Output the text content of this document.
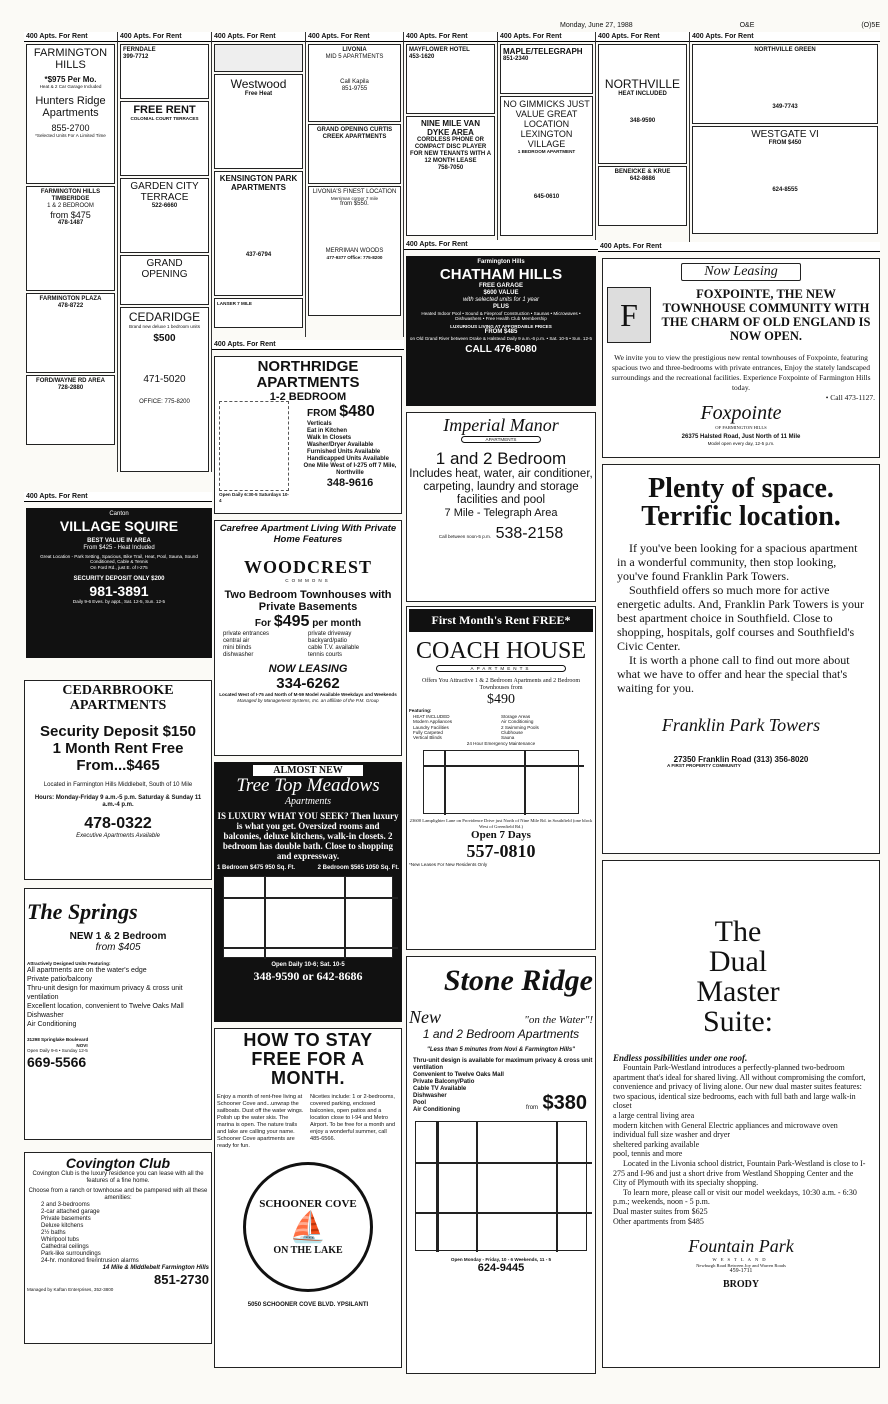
Monday, June 27, 1988	O&E	(O)5E
400 Apts. For Rent
FARMINGTON HILLS
*$975 Per Mo.
Heat & 2 Car Garage Included
Hunters Ridge Apartments
855-2700
*Selected Units For A Limited Time
FARMINGTON HILLS TIMBERIDGE
1 & 2 BEDROOM
from $475
478-1487
FARMINGTON PLAZA
478-8722
FORD/WAYNE RD AREA
728-2880
400 Apts. For Rent
FERNDALE
399-7712
FREE RENT
COLONIAL COURT TERRACES
GARDEN CITY TERRACE
522-6660
GRAND OPENING
CEDARIDGE
Brand new deluxe 1 bedroom units
$500
471-5020
OFFICE: 775-8200
400 Apts. For Rent
Westwood
Free Heat
KENSINGTON PARK APARTMENTS
437-6794
LANSER 7 MILE
400 Apts. For Rent
LIVONIA
MID 5 APARTMENTS
Call Kapila
851-9755
GRAND OPENING CURTIS CREEK APARTMENTS
LIVONIA'S FINEST LOCATION
Merriman corner 7 mile
from $550.
MERRIMAN WOODS
477-9377 Office: 775-8200
400 Apts. For Rent
MAYFLOWER HOTEL
453-1620
NINE MILE VAN DYKE AREA
CORDLESS PHONE OR COMPACT DISC PLAYER FOR NEW TENANTS WITH A 12 MONTH LEASE
758-7050
400 Apts. For Rent
MAPLE/TELEGRAPH
851-2340
NO GIMMICKS JUST VALUE GREAT LOCATION LEXINGTON VILLAGE
1 BEDROOM APARTMENT
645-0610
400 Apts. For Rent
NORTHVILLE
HEAT INCLUDED
348-9590
BENEICKE & KRUE
642-8686
400 Apts. For Rent
NORTHVILLE GREEN
349-7743
WESTGATE VI
FROM $450
624-8555
400 Apts. For Rent
400 Apts. For Rent	400 Apts. For Rent
400 Apts. For Rent
Canton
VILLAGE SQUIRE
BEST VALUE IN AREA
From $425 - Heat Included
Great Location - Park Setting, Spacious, Bike Trail, Heat, Pool, Sauna, Sound Conditioned, Cable & Tennis
On Ford Rd., just E. of I-275
SECURITY DEPOSIT ONLY $200
981-3891
Daily 9-6 Eves. by appt., Sat. 12-5, Sun. 12-5
CEDARBROOKE APARTMENTS
Security Deposit $150
1 Month Rent Free
From...$465
Located in Farmington Hills Middlebelt, South of 10 Mile
Hours: Monday-Friday 9 a.m.-5 p.m. Saturday & Sunday 11 a.m.-4 p.m.
478-0322
Executive Apartments Available
The Springs
NEW 1 & 2 Bedroom
from $405
Attractively Designed Units Featuring:
All apartments are on the water's edge
Private patio/balcony
Thru-unit design for maximum privacy & cross unit ventilation
Excellent location, convenient to Twelve Oaks Mall
Dishwasher
Air Conditioning
31298 Springlake Boulevard
NOVI
Open Daily 9-6 • Sunday 12-5
669-5566
Covington Club
Covington Club is the luxury residence you can lease with all the features of a fine home.
Choose from a ranch or townhouse and be pampered with all these amenities:
2 and 3-bedrooms
2-car attached garage
Private basements
Deluxe kitchens
2½ baths
Whirlpool tubs
Cathedral ceilings
Park-like surroundings
24-hr. monitored fire/intrusion alarms
14 Mile & Middlebelt Farmington Hills
851-2730
Managed by Kaftan Enterprises, 352-3800
NORTHRIDGE APARTMENTS
1-2 BEDROOM
FROM $480
Verticals
Eat in Kitchen
Walk In Closets
Washer/Dryer Available
Furnished Units Available
Handicapped Units Available
Open Daily 6:30-5 Saturdays 10-4
One Mile West of I-275 off 7 Mile, Northville
348-9616
Carefree Apartment Living With Private Home Features
WOODCREST
COMMONS
Two Bedroom Townhouses with Private Basements
For $495 per month
private entrances
central air
mini blinds
dishwasher
private driveway
backyard/patio
cable T.V. available
tennis courts
NOW LEASING
334-6262
Located West of I-75 and North of M-59 Model Available Weekdays and Weekends
Managed by Management Systems, Inc. an affiliate of the P.M. Group
ALMOST NEW
Tree Top Meadows
Apartments
IS LUXURY WHAT YOU SEEK? Then luxury is what you get. Oversized rooms and balconies, deluxe kitchens, walk-in closets. 2 bedroom has double bath. Close to shopping and expressway.
1 Bedroom $475 950 Sq. Ft.	2 Bedroom $565 1050 Sq. Ft.
Open Daily 10-6; Sat. 10-5
348-9590 or 642-8686
HOW TO STAY FREE FOR A MONTH.
Enjoy a month of rent-free living at Schooner Cove and...unwrap the sailboats. Dust off the water wings. Polish up the water skis. The marina is open. The nature trails and lake are calling your name. Schooner Cove apartments are ready for fun.
Niceties include: 1 or 2-bedrooms, covered parking, enclosed balconies, open patios and a location close to I-94 and Metro Airport. To be free for a month and enjoy a wonderful summer, call 485-6566.
SCHOONER COVE
⛵
ON THE LAKE
5050 SCHOONER COVE BLVD. YPSILANTI
Farmington Hills
CHATHAM HILLS
FREE GARAGE
$600 VALUE
with selected units for 1 year
PLUS
Heated Indoor Pool • Sound & Fireproof Construction • Saunas • Microwaves • Dishwashers • Free Health Club Membership
LUXURIOUS LIVING AT AFFORDABLE PRICES
FROM $485
on Old Grand River between Drake & Halstead Daily 9 a.m.-6 p.m. • Sat. 10-5 • Sun. 12-5
CALL 476-8080
Imperial Manor
APARTMENTS
1 and 2 Bedroom
Includes heat, water, air conditioner, carpeting, laundry and storage facilities and pool
7 Mile - Telegraph Area
Call between noon-5 p.m. 538-2158
First Month's Rent FREE*
COACH HOUSE
APARTMENTS
Offers You Attractive 1 & 2 Bedroom Apartments and 2 Bedroom Townhouses from
$490
Featuring:
HEAT INCLUDED
Modern Appliances
Laundry Facilities
Fully Carpeted
Vertical Blinds
Storage Areas
Air Conditioning
2 Swimming Pools
Clubhouse
Sauna
24 Hour Emergency Maintenance
23600 Lamplighter Lane on Providence Drive just North of Nine Mile Rd. in Southfield (one block West of Greenfield Rd.)
Open 7 Days
557-0810
*New Leases For New Residents Only
Stone Ridge
New	"on the Water"!
1 and 2 Bedroom Apartments
"Less than 5 minutes from Novi & Farmington Hills"
Thru-unit design is available for maximum privacy & cross unit ventilation
Convenient to Twelve Oaks Mall
Private Balcony/Patio
Cable TV Available
Dishwasher
Pool
Air Conditioning	from $380
Open Monday - Friday, 10 - 6 Weekends, 11 - 5
624-9445
Now Leasing
F
FOXPOINTE, THE NEW TOWNHOUSE COMMUNITY WITH THE CHARM OF OLD ENGLAND IS NOW OPEN.
We invite you to view the prestigious new rental townhouses of Foxpointe, featuring spacious two and three-bedrooms with private entrances, Enjoy the stately landscaped surroundings and the recreational facilities. Experience Foxpointe of Farmington Hills today.
• Call 473-1127.
Foxpointe
OF FARMINGTON HILLS
26375 Halsted Road, Just North of 11 Mile
Model open every day, 12-5 p.m.
Plenty of space. Terrific location.
If you've been looking for a spacious apartment in a wonderful community, then stop looking, you've found Franklin Park Towers.
Southfield offers so much more for active energetic adults. And, Franklin Park Towers is your best apartment choice in Southfield. Close to shopping, hospitals, golf courses and Southfield's Civic Center.
It is worth a phone call to find out more about what we have to offer and hear the special that's waiting for you.
Franklin Park Towers
27350 Franklin Road (313) 356-8020
A FIRST PROPERTY COMMUNITY
The Dual Master Suite:
Endless possibilities under one roof.
Fountain Park-Westland introduces a perfectly-planned two-bedroom apartment that's ideal for shared living. All without compromising the comfort, convenience and privacy of living alone. Our new dual master suites features:
two spacious, identical size bedrooms, each with full bath and large walk-in closet
a large central living area
modern kitchen with General Electric appliances and microwave oven
individual full size washer and dryer
sheltered parking available
pool, tennis and more
Located in the Livonia school district, Fountain Park-Westland is close to I-275 and I-96 and just a short drive from Westland Shopping Center and the City of Plymouth with its specialty shopping.
To learn more, please call or visit our model weekdays, 10:30 a.m. - 6:30 p.m.; weekends, noon - 5 p.m.
Dual master suites from $625
Other apartments from $485
Fountain Park
WESTLAND
Newburgh Road Between Joy and Warren Roads
459-1711
BRODY
